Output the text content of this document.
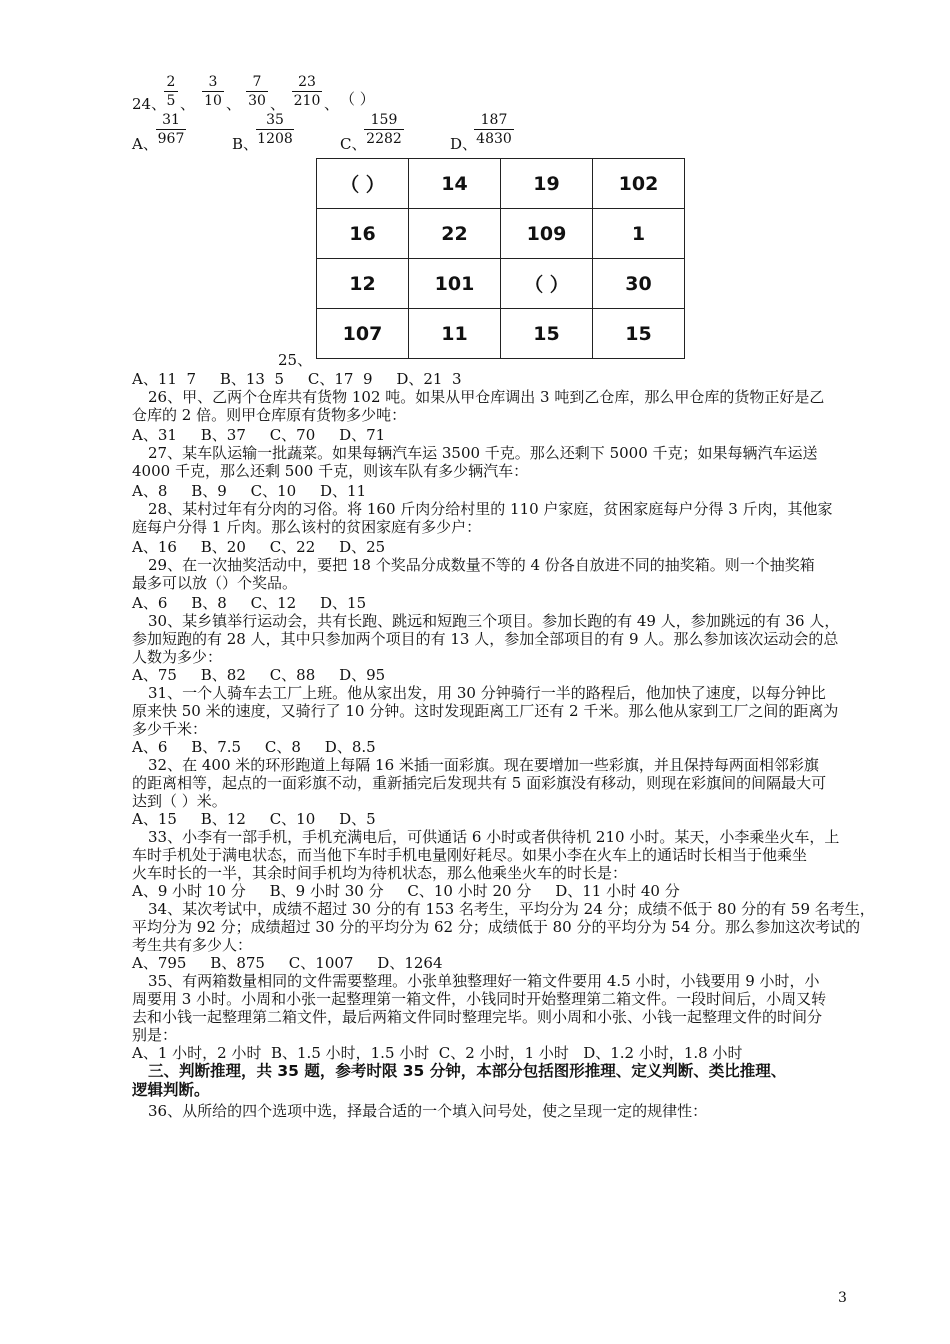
24、
$\frac{2}{5}$ 、 $\frac{3}{10}$ 、 $\frac{7}{30}$ 、 $\frac{23}{210}$ 、 （ ）
A、
$\frac{31}{967}$	B、
$\frac{35}{1208}$	C、
$\frac{159}{2282}$	D、
$\frac{187}{4830}$
（ ）	14	19	102
16	22	109	1
12	101	（ ）	30
107	11	15	15
25、
A、11  7     B、13  5     C、17  9     D、21  3
26、甲、乙两个仓库共有货物 102 吨。如果从甲仓库调出 3 吨到乙仓库，那么甲仓库的货物正好是乙
仓库的 2 倍。则甲仓库原有货物多少吨：
A、31     B、37     C、70     D、71
27、某车队运输一批蔬菜。如果每辆汽车运 3500 千克。那么还剩下 5000 千克；如果每辆汽车运送
4000 千克，那么还剩 500 千克，则该车队有多少辆汽车：
A、8     B、9     C、10     D、11
28、某村过年有分肉的习俗。将 160 斤肉分给村里的 110 户家庭，贫困家庭每户分得 3 斤肉，其他家
庭每户分得 1 斤肉。那么该村的贫困家庭有多少户：
A、16     B、20     C、22     D、25
29、在一次抽奖活动中，要把 18 个奖品分成数量不等的 4 份各自放进不同的抽奖箱。则一个抽奖箱
最多可以放（）个奖品。
A、6     B、8     C、12     D、15
30、某乡镇举行运动会，共有长跑、跳远和短跑三个项目。参加长跑的有 49 人，参加跳远的有 36 人，
参加短跑的有 28 人，其中只参加两个项目的有 13 人，参加全部项目的有 9 人。那么参加该次运动会的总
人数为多少：
A、75     B、82     C、88     D、95
31、一个人骑车去工厂上班。他从家出发，用 30 分钟骑行一半的路程后，他加快了速度，以每分钟比
原来快 50 米的速度，又骑行了 10 分钟。这时发现距离工厂还有 2 千米。那么他从家到工厂之间的距离为
多少千米：
A、6     B、7.5     C、8     D、8.5
32、在 400 米的环形跑道上每隔 16 米插一面彩旗。现在要增加一些彩旗，并且保持每两面相邻彩旗
的距离相等，起点的一面彩旗不动，重新插完后发现共有 5 面彩旗没有移动，则现在彩旗间的间隔最大可
达到（ ）米。
A、15     B、12     C、10     D、5
33、小李有一部手机，手机充满电后，可供通话 6 小时或者供待机 210 小时。某天，小李乘坐火车，上
车时手机处于满电状态，而当他下车时手机电量刚好耗尽。如果小李在火车上的通话时长相当于他乘坐
火车时长的一半，其余时间手机均为待机状态，那么他乘坐火车的时长是：
A、9 小时 10 分     B、9 小时 30 分     C、10 小时 20 分     D、11 小时 40 分
34、某次考试中，成绩不超过 30 分的有 153 名考生，平均分为 24 分；成绩不低于 80 分的有 59 名考生，
平均分为 92 分；成绩超过 30 分的平均分为 62 分；成绩低于 80 分的平均分为 54 分。那么参加这次考试的
考生共有多少人：
A、795     B、875     C、1007     D、1264
35、有两箱数量相同的文件需要整理。小张单独整理好一箱文件要用 4.5 小时，小钱要用 9 小时，小
周要用 3 小时。小周和小张一起整理第一箱文件，小钱同时开始整理第二箱文件。一段时间后，小周又转
去和小钱一起整理第二箱文件，最后两箱文件同时整理完毕。则小周和小张、小钱一起整理文件的时间分
别是：
A、1 小时，2 小时  B、1.5 小时，1.5 小时  C、2 小时，1 小时   D、1.2 小时，1.8 小时
三、判断推理，共 35 题，参考时限 35 分钟，本部分包括图形推理、定义判断、类比推理、
逻辑判断。
36、从所给的四个选项中选，择最合适的一个填入问号处，使之呈现一定的规律性：
3
